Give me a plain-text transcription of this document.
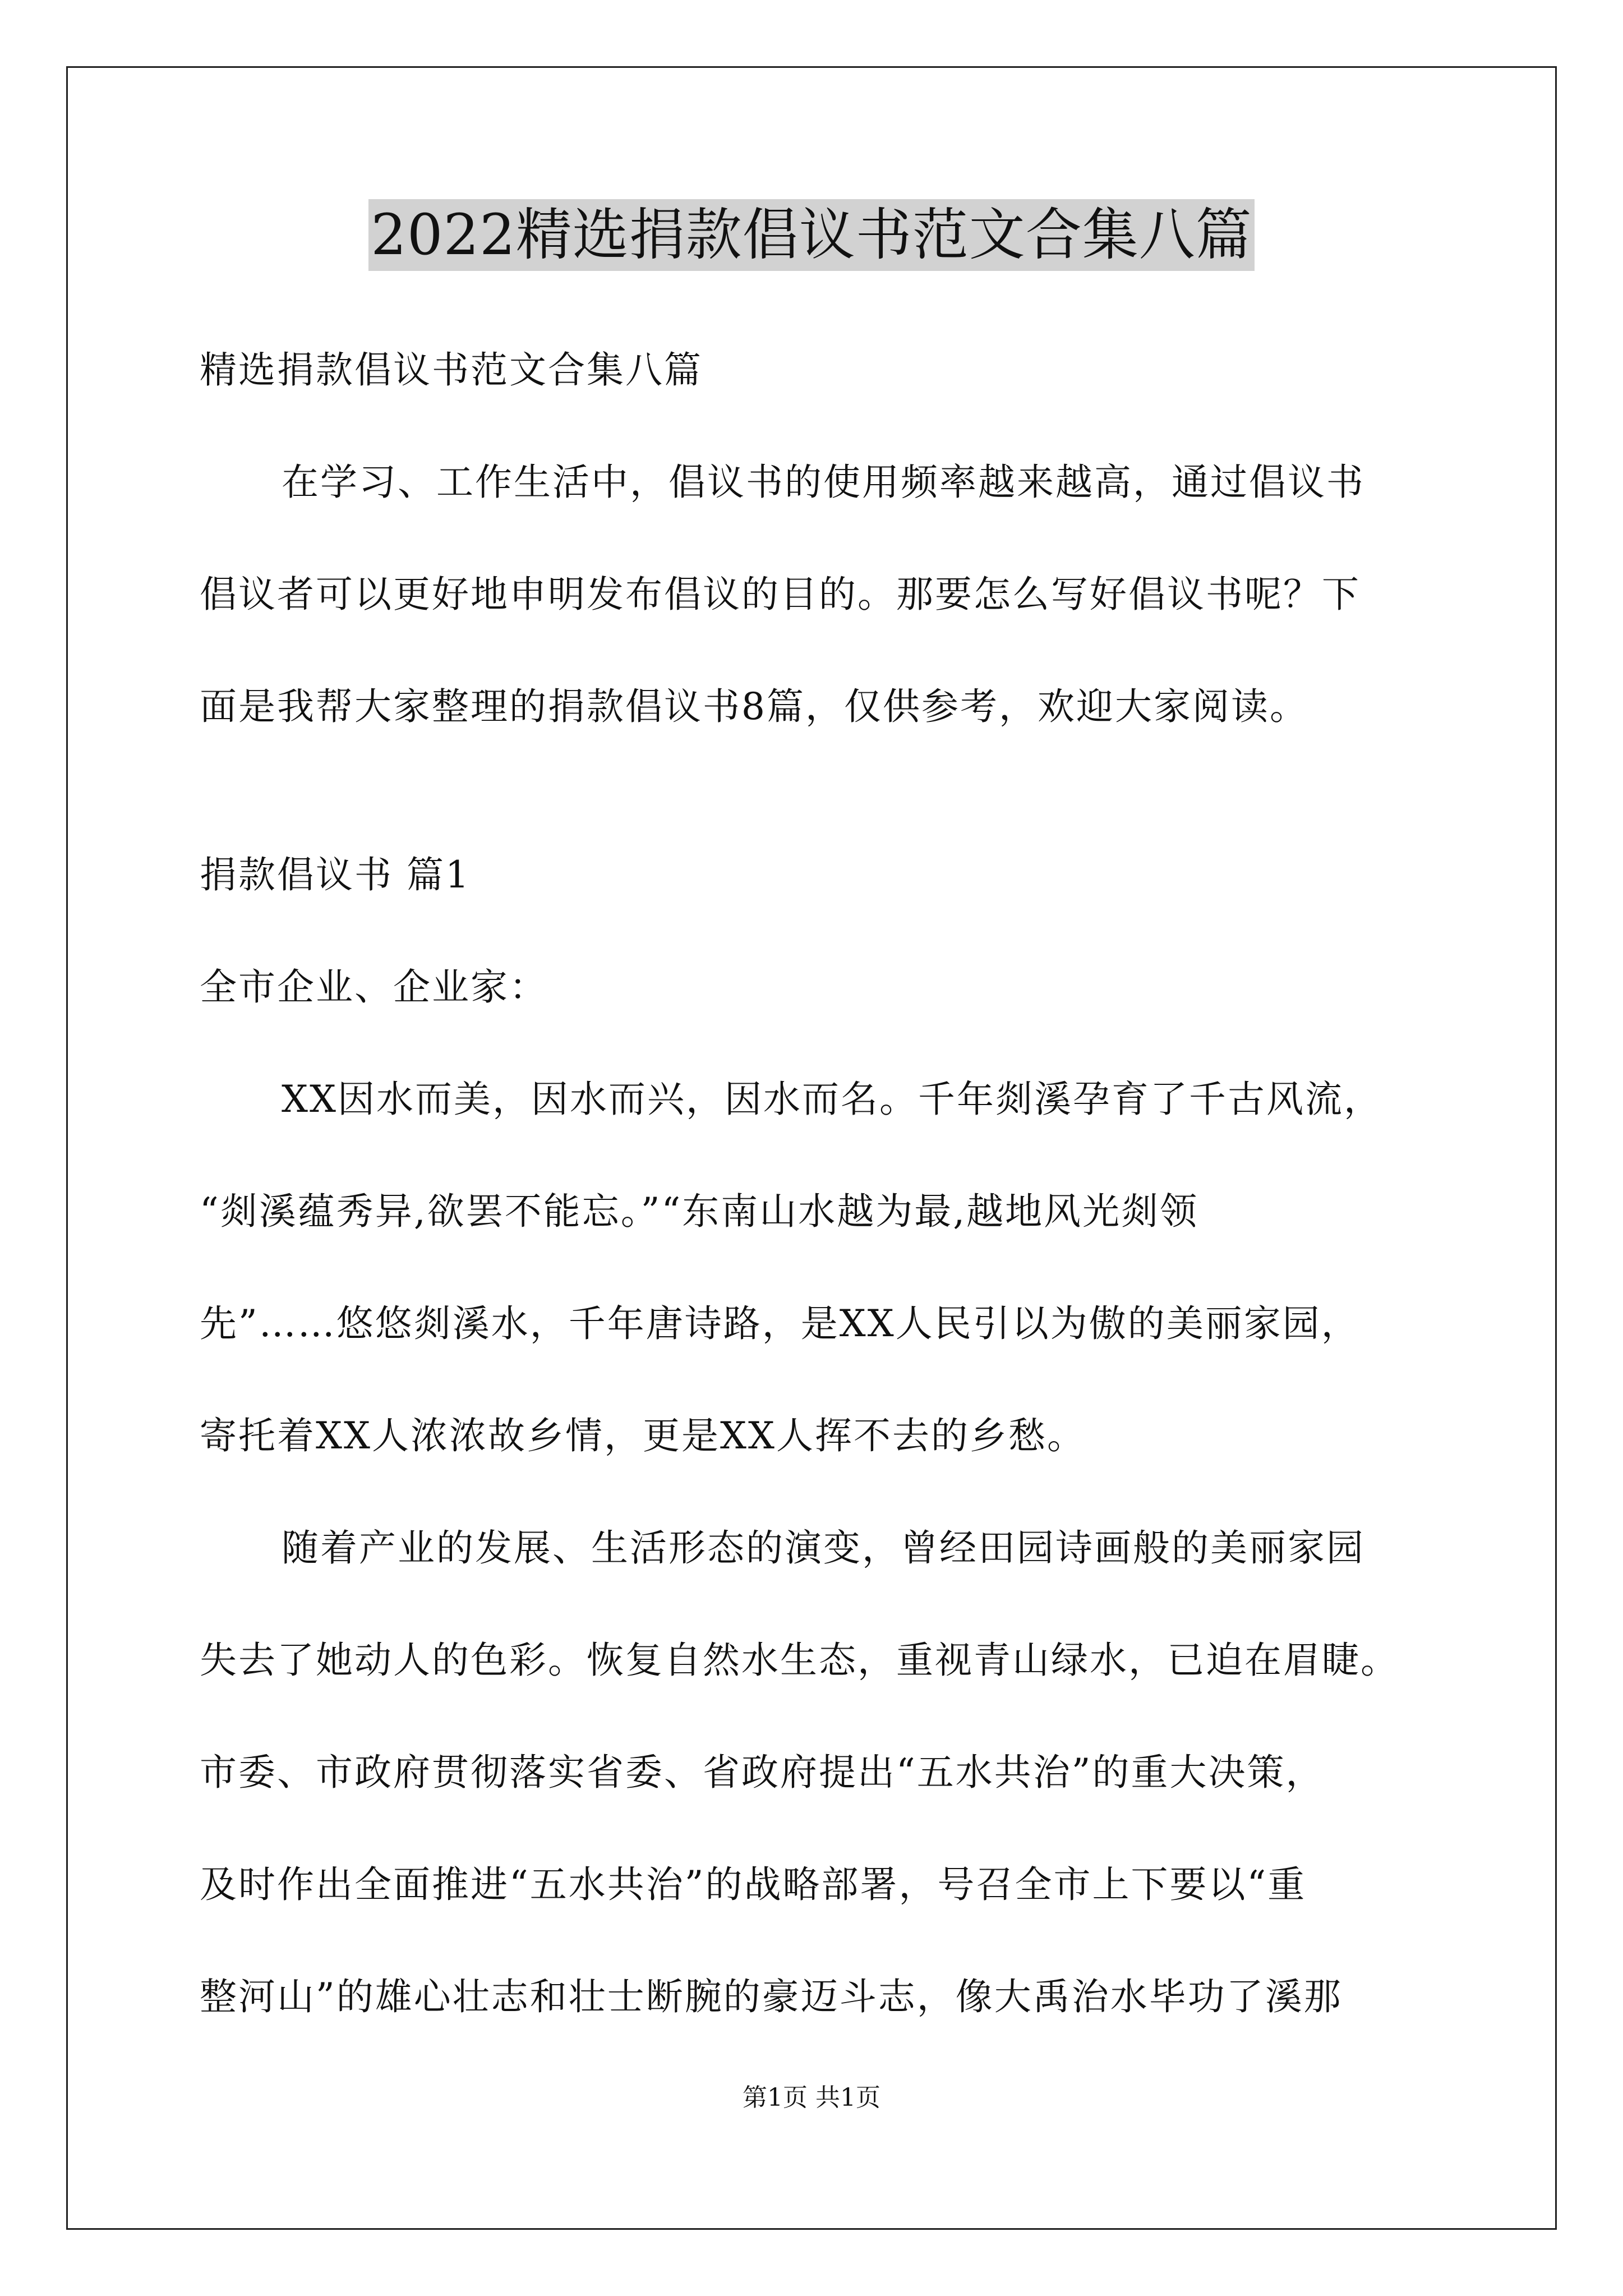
2022精选捐款倡议书范文合集八篇
精选捐款倡议书范文合集八篇
在学习、工作生活中，倡议书的使用频率越来越高，通过倡议书
倡议者可以更好地申明发布倡议的目的。那要怎么写好倡议书呢？下
面是我帮大家整理的捐款倡议书8篇，仅供参考，欢迎大家阅读。
捐款倡议书 篇1
全市企业、企业家：
XX因水而美，因水而兴，因水而名。千年剡溪孕育了千古风流，
“剡溪蕴秀异,欲罢不能忘。”“东南山水越为最,越地风光剡领
先”……悠悠剡溪水，千年唐诗路，是XX人民引以为傲的美丽家园，
寄托着XX人浓浓故乡情，更是XX人挥不去的乡愁。
随着产业的发展、生活形态的演变，曾经田园诗画般的美丽家园
失去了她动人的色彩。恢复自然水生态，重视青山绿水，已迫在眉睫。
市委、市政府贯彻落实省委、省政府提出“五水共治”的重大决策，
及时作出全面推进“五水共治”的战略部署，号召全市上下要以“重
整河山”的雄心壮志和壮士断腕的豪迈斗志，像大禹治水毕功了溪那
第1页 共1页
